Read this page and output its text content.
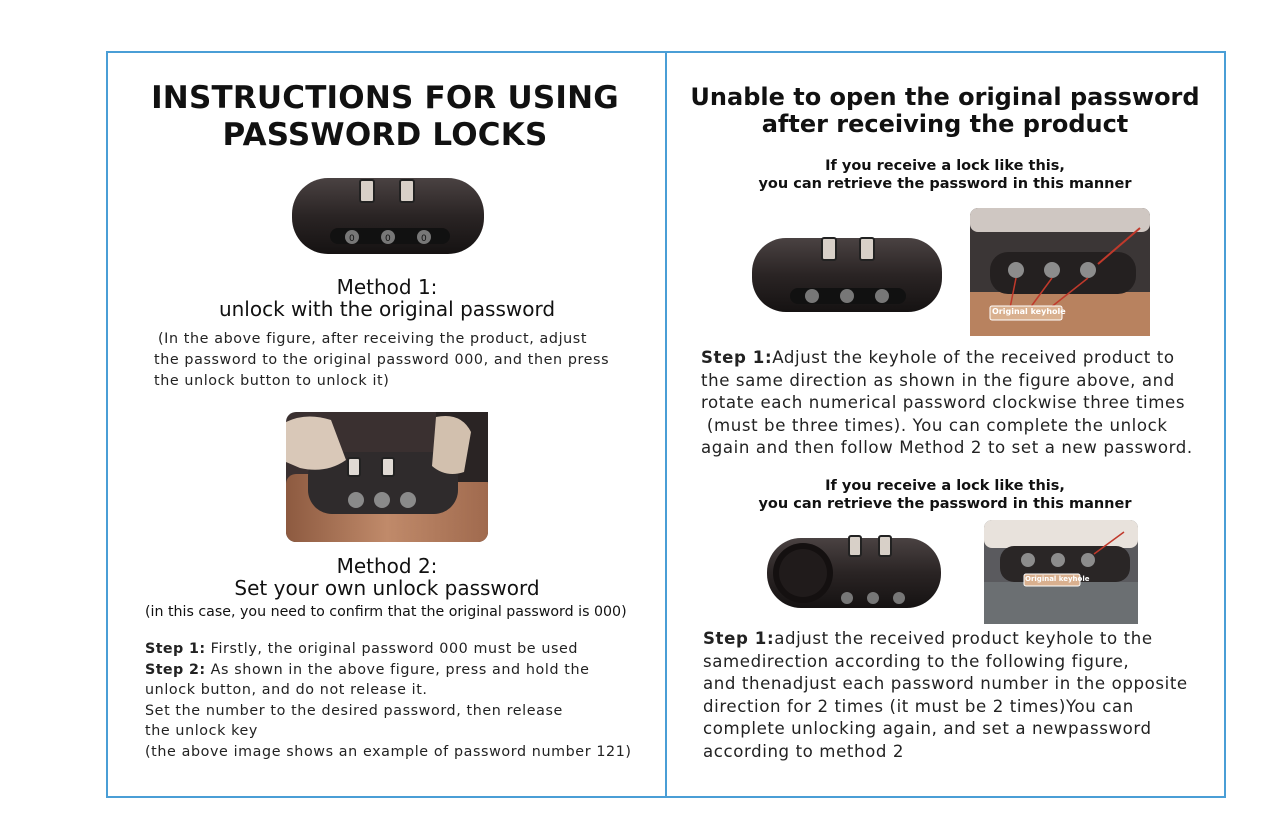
INSTRUCTIONS FOR USING
PASSWORD LOCKS
0	0	0
Method 1:
unlock with the original password
(In the above figure, after receiving the product, adjust
the password to the original password 000, and then press
the unlock button to unlock it)
Method 2:
Set your own unlock password
(in this case, you need to confirm that the original password is 000)
Step 1: Firstly, the original password 000 must be used
Step 2: As shown in the above figure, press and hold the
unlock button, and do not release it.
Set the number to the desired password, then release
the unlock key
(the above image shows an example of password number 121)
Unable to open the original password
after receiving the product
If you receive a lock like this,
you can retrieve the password in this manner
Original keyhole
Step 1:Adjust the keyhole of the received product to
the same direction as shown in the figure above, and
rotate each numerical password clockwise three times
(must be three times). You can complete the unlock
again and then follow Method 2 to set a new password.
If you receive a lock like this,
you can retrieve the password in this manner
Original keyhole
Step 1:adjust the received product keyhole to the
samedirection according to the following figure,
and thenadjust each password number in the opposite
direction for 2 times (it must be 2 times)You can
complete unlocking again, and set a newpassword
according to method 2
